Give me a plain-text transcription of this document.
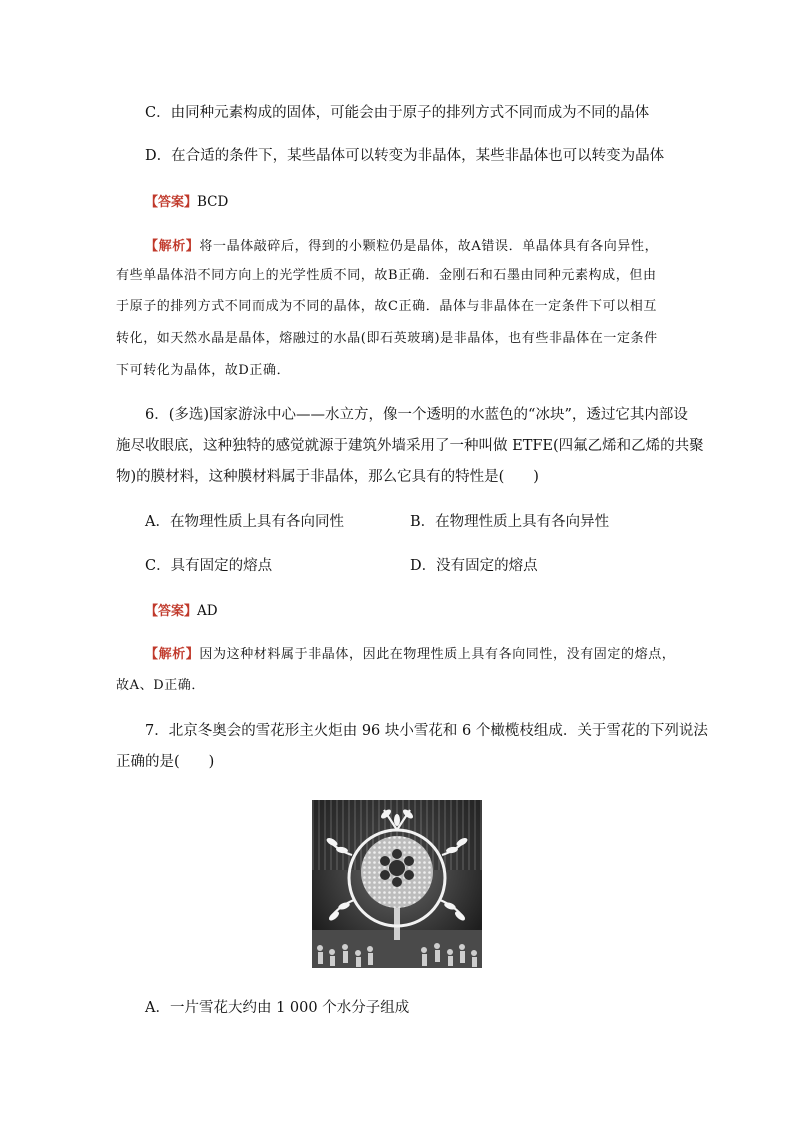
C．由同种元素构成的固体，可能会由于原子的排列方式不同而成为不同的晶体
D．在合适的条件下，某些晶体可以转变为非晶体，某些非晶体也可以转变为晶体
【答案】BCD
【解析】将一晶体敲碎后，得到的小颗粒仍是晶体，故A错误．单晶体具有各向异性，
有些单晶体沿不同方向上的光学性质不同，故B正确．金刚石和石墨由同种元素构成，但由
于原子的排列方式不同而成为不同的晶体，故C正确．晶体与非晶体在一定条件下可以相互
转化，如天然水晶是晶体，熔融过的水晶(即石英玻璃)是非晶体，也有些非晶体在一定条件
下可转化为晶体，故D正确．
6．(多选)国家游泳中心——水立方，像一个透明的水蓝色的“冰块”，透过它其内部设
施尽收眼底，这种独特的感觉就源于建筑外墙采用了一种叫做 ETFE(四氟乙烯和乙烯的共聚
物)的膜材料，这种膜材料属于非晶体，那么它具有的特性是(　　)
A．在物理性质上具有各向同性	B．在物理性质上具有各向异性
C．具有固定的熔点	D．没有固定的熔点
【答案】AD
【解析】因为这种材料属于非晶体，因此在物理性质上具有各向同性，没有固定的熔点，
故A、D正确．
7．北京冬奥会的雪花形主火炬由 96 块小雪花和 6 个橄榄枝组成．关于雪花的下列说法
正确的是(　　)
A．一片雪花大约由 1 000 个水分子组成
